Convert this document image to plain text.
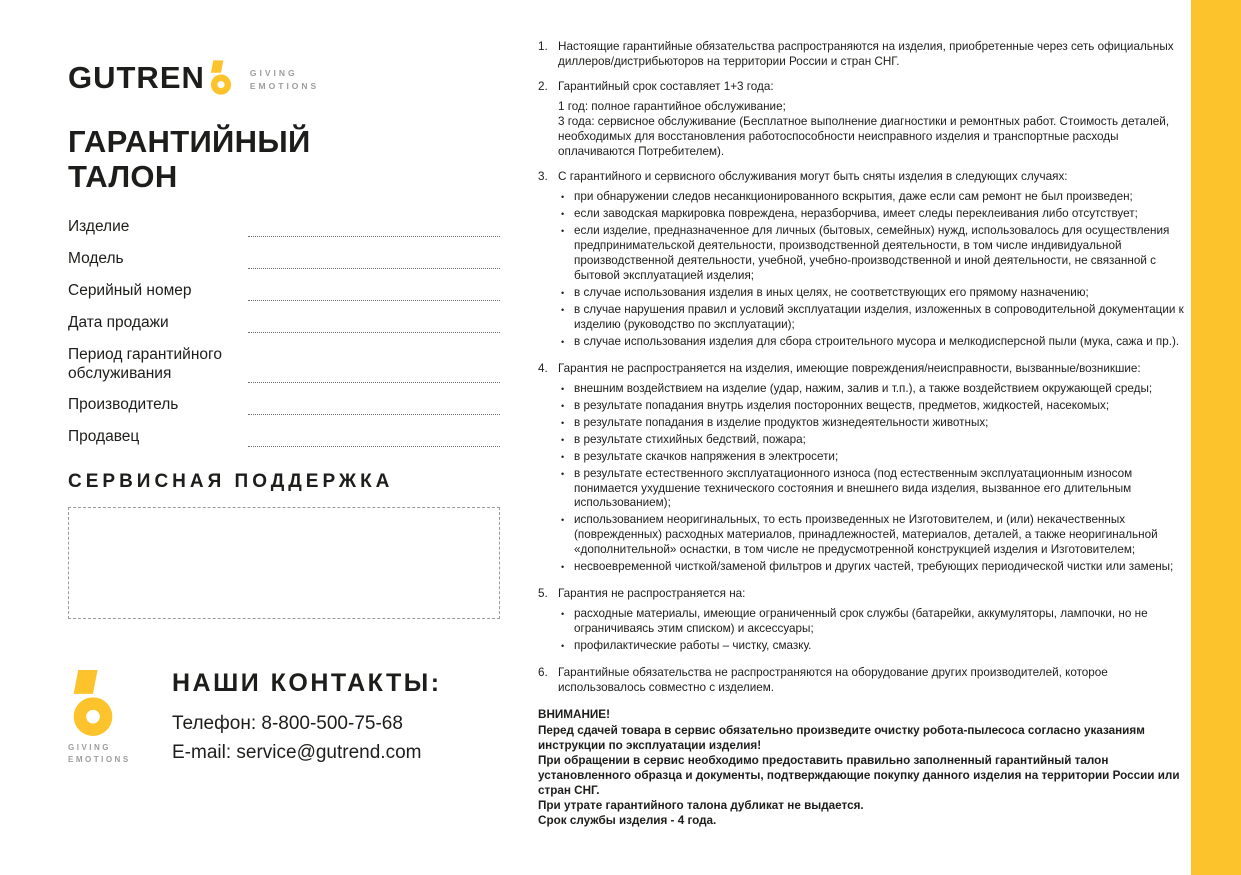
GUTREN	GIVING
EMOTIONS
ГАРАНТИЙНЫЙ
ТАЛОН
Изделие
Модель
Серийный номер
Дата продажи
Период гарантийного обслуживания
Производитель
Продавец
СЕРВИСНАЯ ПОДДЕРЖКА
GIVING
EMOTIONS
НАШИ КОНТАКТЫ:
Телефон: 8-800-500-75-68
E-mail: service@gutrend.com
1. Настоящие гарантийные обязательства распространяются на изделия, приобретенные через сеть официальных диллеров/дистрибьюторов на территории России и стран СНГ.
2. Гарантийный срок составляет 1+3 года:
1 год: полное гарантийное обслуживание;
3 года: сервисное обслуживание (Бесплатное выполнение диагностики и ремонтных работ. Стоимость деталей, необходимых для восстановления работоспособности неисправного изделия и транспортные расходы оплачиваются Потребителем).
3. С гарантийного и сервисного обслуживания могут быть сняты изделия в следующих случаях:
• при обнаружении следов несанкционированного вскрытия, даже если сам ремонт не был произведен;
• если заводская маркировка повреждена, неразборчива, имеет следы переклеивания либо отсутствует;
• если изделие, предназначенное для личных (бытовых, семейных) нужд, использовалось для осуществления предпринимательской деятельности, производственной деятельности, в том числе индивидуальной производственной деятельности, учебной, учебно-производственной и иной деятельности, не связанной с бытовой эксплуатацией изделия;
• в случае использования изделия в иных целях, не соответствующих его прямому назначению;
• в случае нарушения правил и условий эксплуатации изделия, изложенных в сопроводительной документации к изделию (руководство по эксплуатации);
• в случае использования изделия для сбора строительного мусора и мелкодисперсной пыли (мука, сажа и пр.).
4. Гарантия не распространяется на изделия, имеющие повреждения/неисправности, вызванные/возникшие:
• внешним воздействием на изделие (удар, нажим, залив и т.п.), а также воздействием окружающей среды;
• в результате попадания внутрь изделия посторонних веществ, предметов, жидкостей, насекомых;
• в результате попадания в изделие продуктов жизнедеятельности животных;
• в результате стихийных бедствий, пожара;
• в результате скачков напряжения в электросети;
• в результате естественного эксплуатационного износа (под естественным эксплуатационным износом понимается ухудшение технического состояния и внешнего вида изделия, вызванное его длительным использованием);
• использованием неоригинальных, то есть произведенных не Изготовителем, и (или) некачественных (поврежденных) расходных материалов, принадлежностей, материалов, деталей, а также неоригинальной «дополнительной» оснастки, в том числе не предусмотренной конструкцией изделия и Изготовителем;
• несвоевременной чисткой/заменой фильтров и других частей, требующих периодической чистки или замены;
5. Гарантия не распространяется на:
• расходные материалы, имеющие ограниченный срок службы (батарейки, аккумуляторы, лампочки, но не ограничиваясь этим списком) и аксессуары;
• профилактические работы – чистку, смазку.
6. Гарантийные обязательства не распространяются на оборудование других производителей, которое использовалось совместно с изделием.
ВНИМАНИЕ!
Перед сдачей товара в сервис обязательно произведите очистку робота-пылесоса согласно указаниям инструкции по эксплуатации изделия!
При обращении в сервис необходимо предоставить правильно заполненный гарантийный талон установленного образца и документы, подтверждающие покупку данного изделия на территории России или стран СНГ.
При утрате гарантийного талона дубликат не выдается.
Срок службы изделия - 4 года.
